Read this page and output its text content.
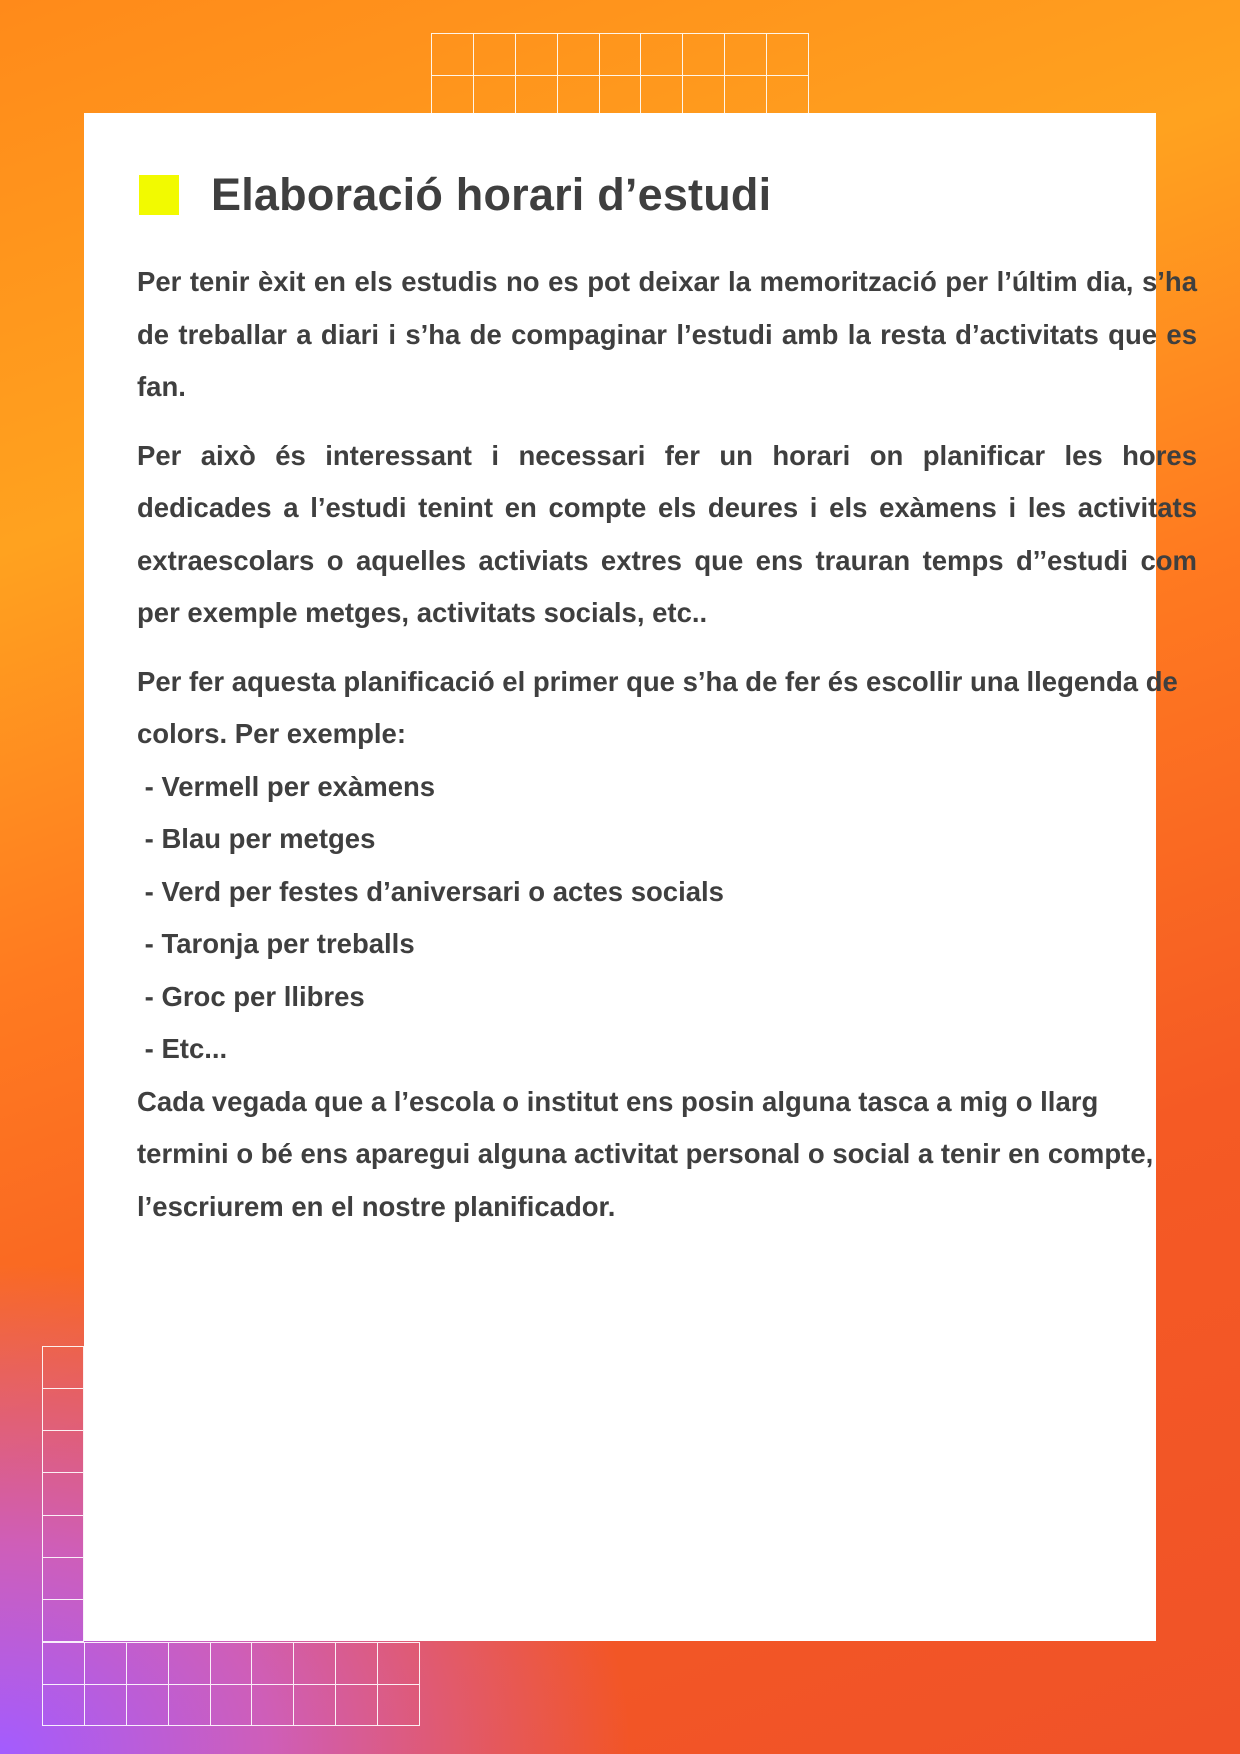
Elaboració horari d’estudi

Per tenir èxit en els estudis no es pot deixar la memorització per l’últim dia, s’ha de treballar a diari i s’ha de compaginar l’estudi amb la resta d’activitats que es fan.

Per això és interessant i necessari fer un horari on planificar les hores dedicades a l’estudi tenint en compte els deures i els exàmens i les activitats extraescolars o aquelles activiats extres que ens trauran temps d’’estudi com per exemple metges, activitats socials, etc..

Per fer aquesta planificació el primer que s’ha de fer és escollir una llegenda de colors. Per exemple:

- Vermell per exàmens

- Blau per metges

- Verd per festes d’aniversari o actes socials

- Taronja per treballs

- Groc per llibres

- Etc...

Cada vegada que a l’escola o institut ens posin alguna tasca a mig o llarg termini o bé ens aparegui alguna activitat personal o social a tenir en compte, l’escriurem en el nostre planificador.
